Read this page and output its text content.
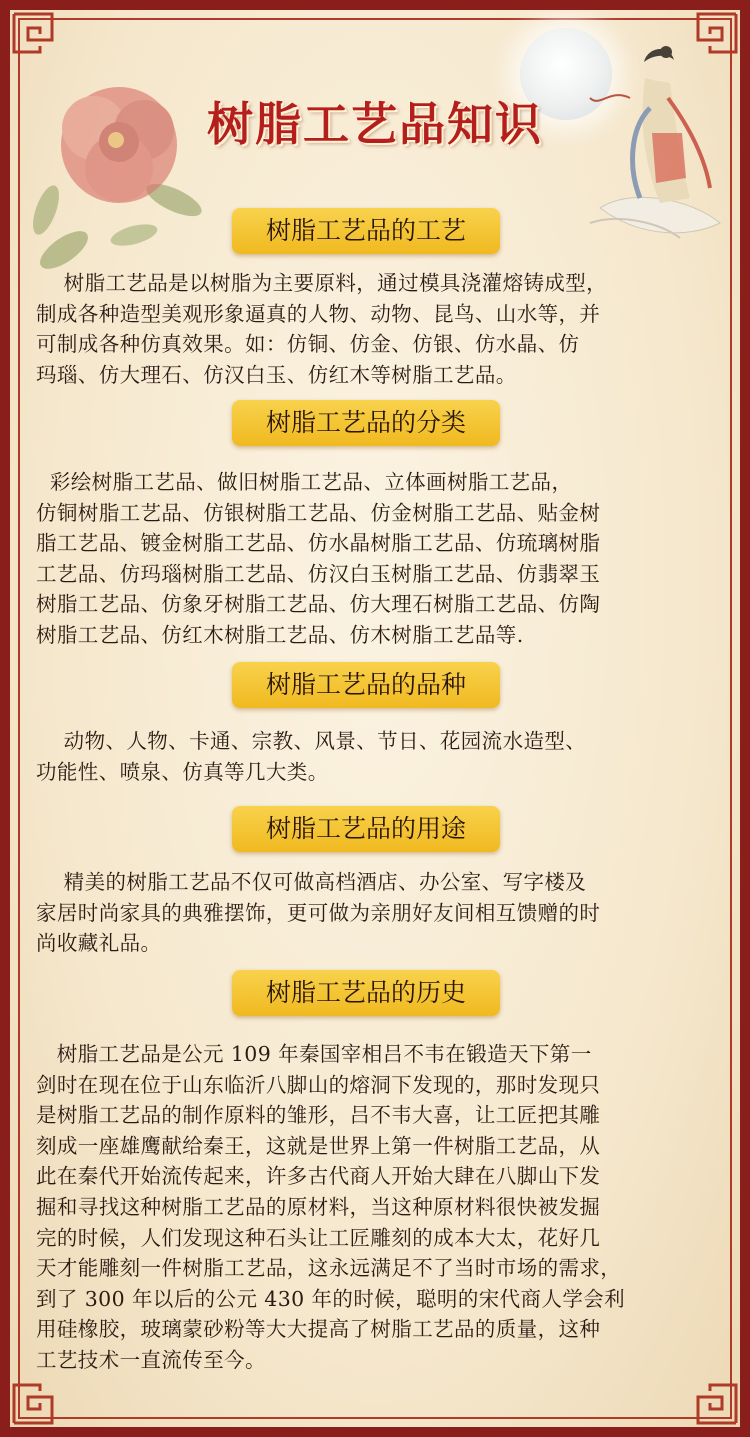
树脂工艺品知识
树脂工艺品的工艺
树脂工艺品是以树脂为主要原料，通过模具浇灌熔铸成型，
制成各种造型美观形象逼真的人物、动物、昆鸟、山水等，并
可制成各种仿真效果。如：仿铜、仿金、仿银、仿水晶、仿
玛瑙、仿大理石、仿汉白玉、仿红木等树脂工艺品。
树脂工艺品的分类
彩绘树脂工艺品、做旧树脂工艺品、立体画树脂工艺品，
仿铜树脂工艺品、仿银树脂工艺品、仿金树脂工艺品、贴金树
脂工艺品、镀金树脂工艺品、仿水晶树脂工艺品、仿琉璃树脂
工艺品、仿玛瑙树脂工艺品、仿汉白玉树脂工艺品、仿翡翠玉
树脂工艺品、仿象牙树脂工艺品、仿大理石树脂工艺品、仿陶
树脂工艺品、仿红木树脂工艺品、仿木树脂工艺品等.
树脂工艺品的品种
动物、人物、卡通、宗教、风景、节日、花园流水造型、
功能性、喷泉、仿真等几大类。
树脂工艺品的用途
精美的树脂工艺品不仅可做高档酒店、办公室、写字楼及
家居时尚家具的典雅摆饰，更可做为亲朋好友间相互馈赠的时
尚收藏礼品。
树脂工艺品的历史
树脂工艺品是公元 109 年秦国宰相吕不韦在锻造天下第一
剑时在现在位于山东临沂八脚山的熔洞下发现的，那时发现只
是树脂工艺品的制作原料的雏形，吕不韦大喜，让工匠把其雕
刻成一座雄鹰献给秦王，这就是世界上第一件树脂工艺品，从
此在秦代开始流传起来，许多古代商人开始大肆在八脚山下发
掘和寻找这种树脂工艺品的原材料，当这种原材料很快被发掘
完的时候，人们发现这种石头让工匠雕刻的成本大太，花好几
天才能雕刻一件树脂工艺品，这永远满足不了当时市场的需求，
到了 300 年以后的公元 430 年的时候，聪明的宋代商人学会利
用硅橡胶，玻璃蒙砂粉等大大提高了树脂工艺品的质量，这种
工艺技术一直流传至今。
